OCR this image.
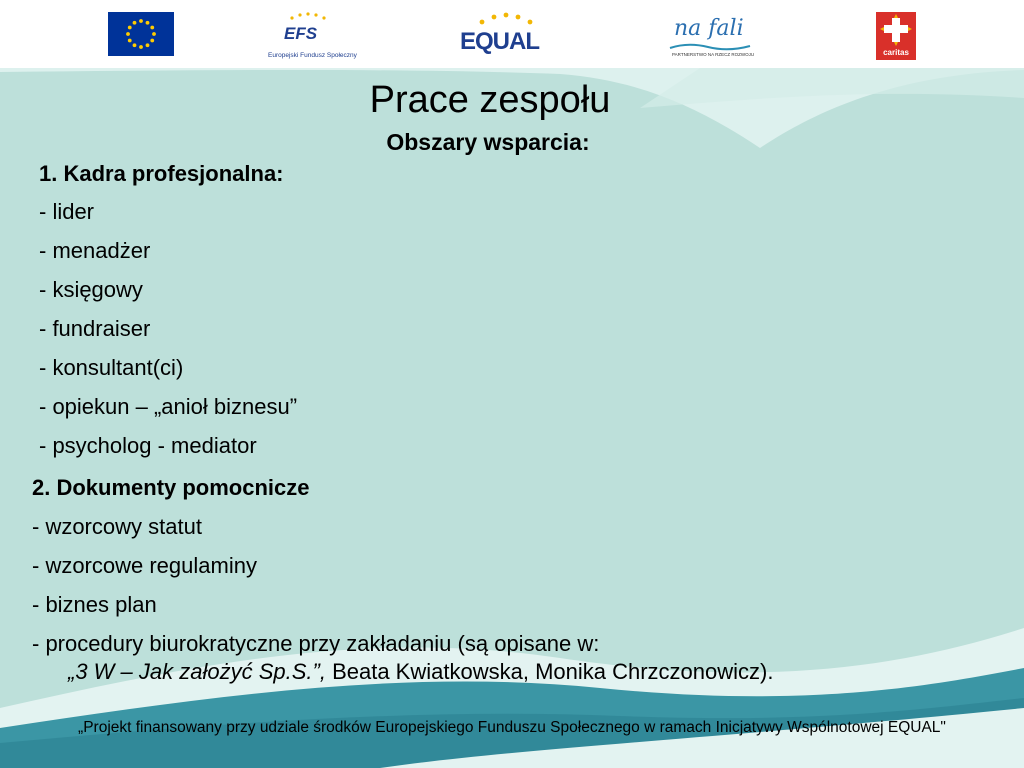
EFS
Europejski Fundusz Społeczny
EQUAL	na fali
PARTNERSTWO NA RZECZ ROZWOJU	caritas
Prace zespołu
Obszary wsparcia:
1. Kadra profesjonalna:
- lider
- menadżer
- księgowy
- fundraiser
- konsultant(ci)
- opiekun – „anioł biznesu”
- psycholog - mediator
2. Dokumenty pomocnicze
- wzorcowy statut
- wzorcowe regulaminy
- biznes plan
- procedury biurokratyczne przy zakładaniu (są opisane w:
„3 W – Jak założyć Sp.S.”, Beata Kwiatkowska, Monika Chrzczonowicz).
„Projekt finansowany przy udziale środków Europejskiego Funduszu Społecznego w ramach Inicjatywy Wspólnotowej EQUAL"
